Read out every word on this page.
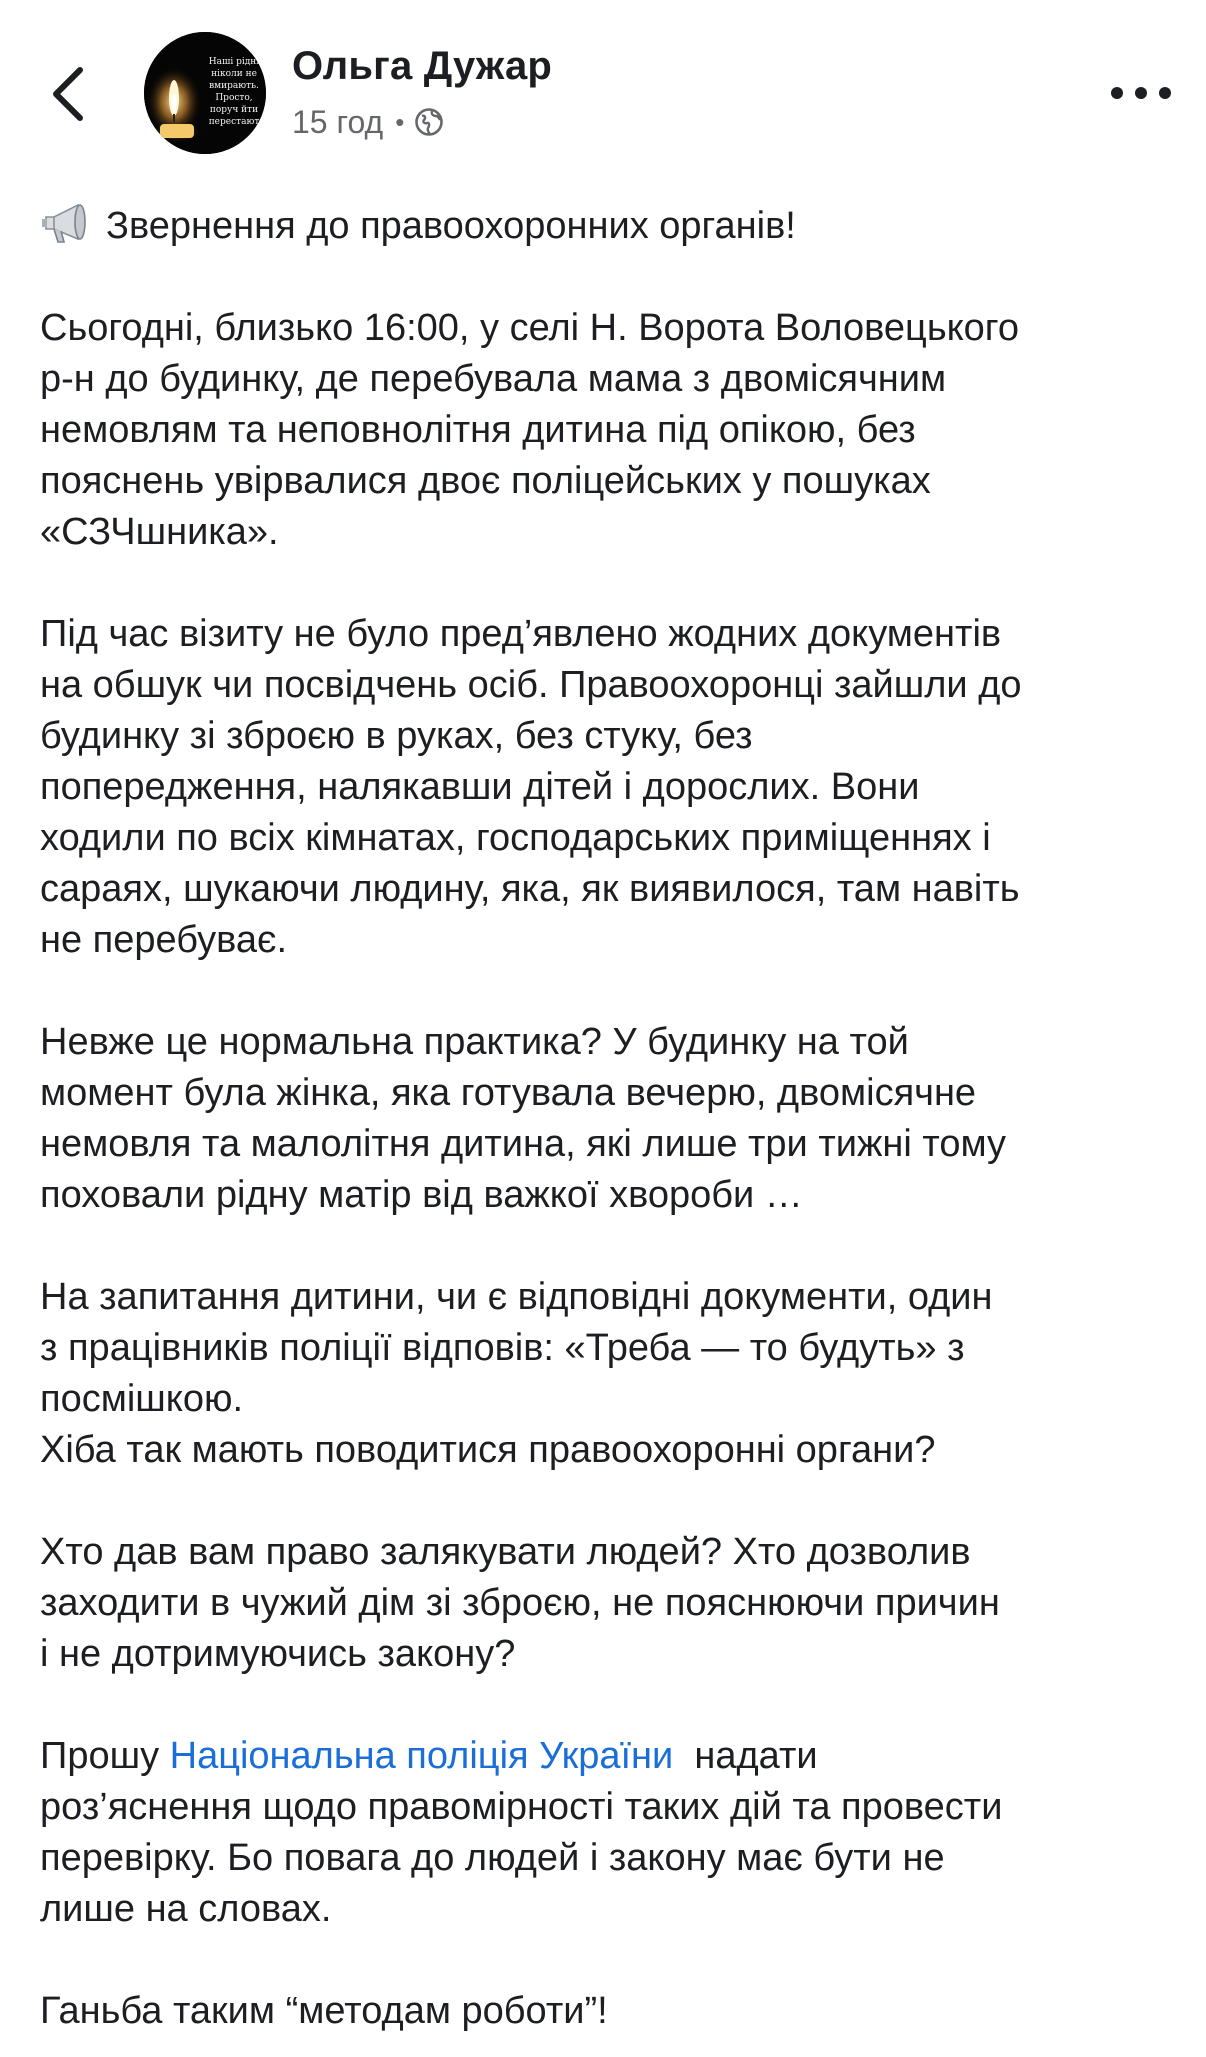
Наші рідні
ніколи не
вмирають.
Просто,
поруч йти
перестают
Ольга Дужар
15 год •

Звернення до правоохоронних органів!

Сьогодні, близько 16:00, у селі Н. Ворота Воловецького

р-н до будинку, де перебувала мама з двомісячним

немовлям та неповнолітня дитина під опікою, без

пояснень увірвалися двоє поліцейських у пошуках

«СЗЧшника».

Під час візиту не було пред’явлено жодних документів

на обшук чи посвідчень осіб. Правоохоронці зайшли до

будинку зі зброєю в руках, без стуку, без

попередження, налякавши дітей і дорослих. Вони

ходили по всіх кімнатах, господарських приміщеннях і

сараях, шукаючи людину, яка, як виявилося, там навіть

не перебуває.

Невже це нормальна практика? У будинку на той

момент була жінка, яка готувала вечерю, двомісячне

немовля та малолітня дитина, які лише три тижні тому

поховали рідну матір від важкої хвороби …

На запитання дитини, чи є відповідні документи, один

з працівників поліції відповів: «Треба — то будуть» з

посмішкою.

Хіба так мають поводитися правоохоронні органи?

Хто дав вам право залякувати людей? Хто дозволив

заходити в чужий дім зі зброєю, не пояснюючи причин

і не дотримуючись закону?

Прошу Національна поліція України  надати

роз’яснення щодо правомірності таких дій та провести

перевірку. Бо повага до людей і закону має бути не

лише на словах.

Ганьба таким “методам роботи”!
